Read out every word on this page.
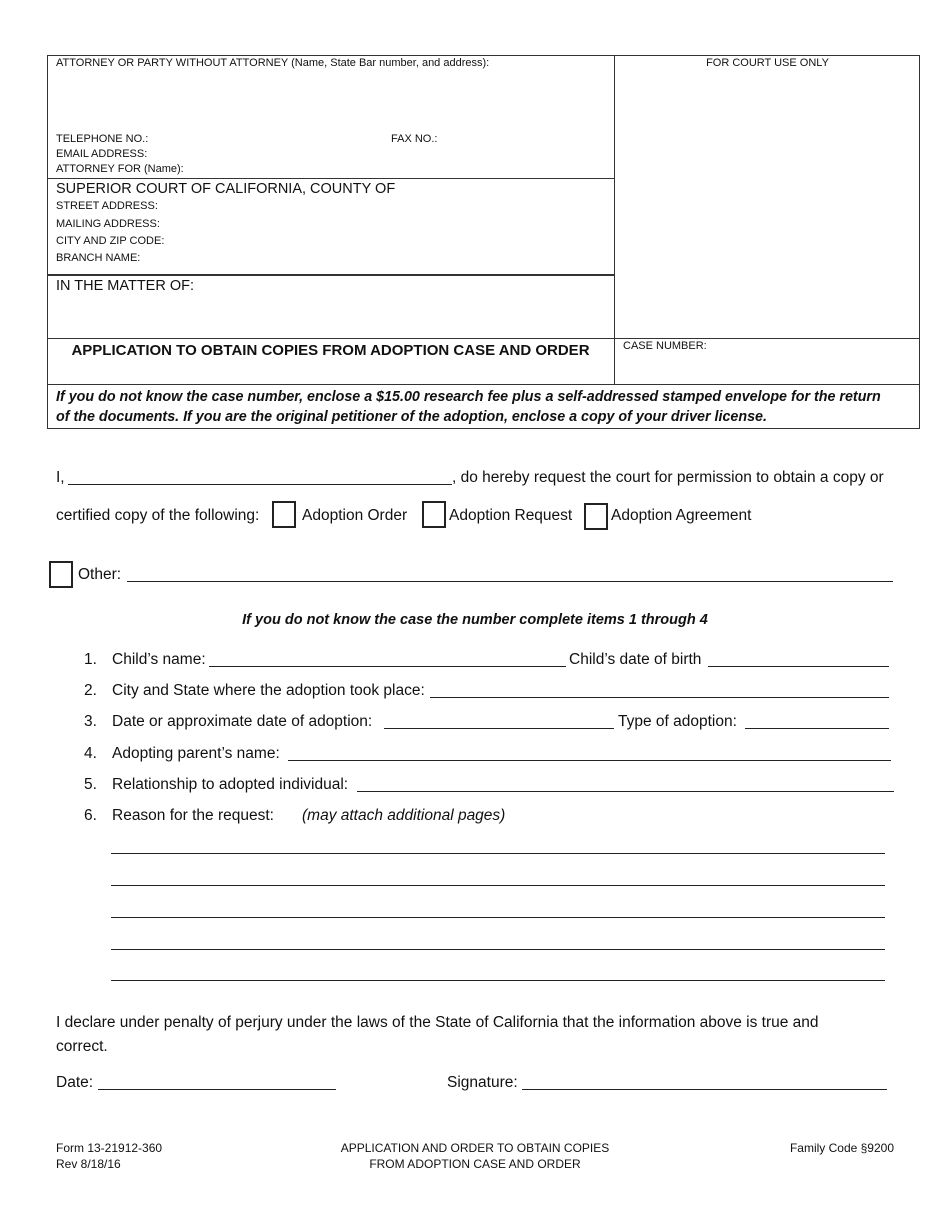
ATTORNEY OR PARTY WITHOUT ATTORNEY (Name, State Bar number, and address):	FOR COURT USE ONLY
TELEPHONE NO.:	FAX NO.:
EMAIL ADDRESS:
ATTORNEY FOR (Name):
SUPERIOR COURT OF CALIFORNIA, COUNTY OF
STREET ADDRESS:
MAILING ADDRESS:
CITY AND ZIP CODE:
BRANCH NAME:
IN THE MATTER OF:
APPLICATION TO OBTAIN COPIES FROM ADOPTION CASE AND ORDER	CASE NUMBER:
If you do not know the case number, enclose a $15.00 research fee plus a self-addressed stamped envelope for the return of the documents. If you are the original petitioner of the adoption, enclose a copy of your driver license.
I,	, do hereby request the court for permission to obtain a copy or
certified copy of the following:	Adoption Order	Adoption Request	Adoption Agreement
Other:
If you do not know the case the number complete items 1 through 4
1. Child’s name:	Child’s date of birth
2. City and State where the adoption took place:
3. Date or approximate date of adoption:	Type of adoption:
4. Adopting parent’s name:
5. Relationship to adopted individual:
6. Reason for the request: (may attach additional pages)
I declare under penalty of perjury under the laws of the State of California that the information above is true and correct.
Date:	Signature:
Form 13-21912-360
Rev 8/18/16
APPLICATION AND ORDER TO OBTAIN COPIES
FROM ADOPTION CASE AND ORDER
Family Code §9200
